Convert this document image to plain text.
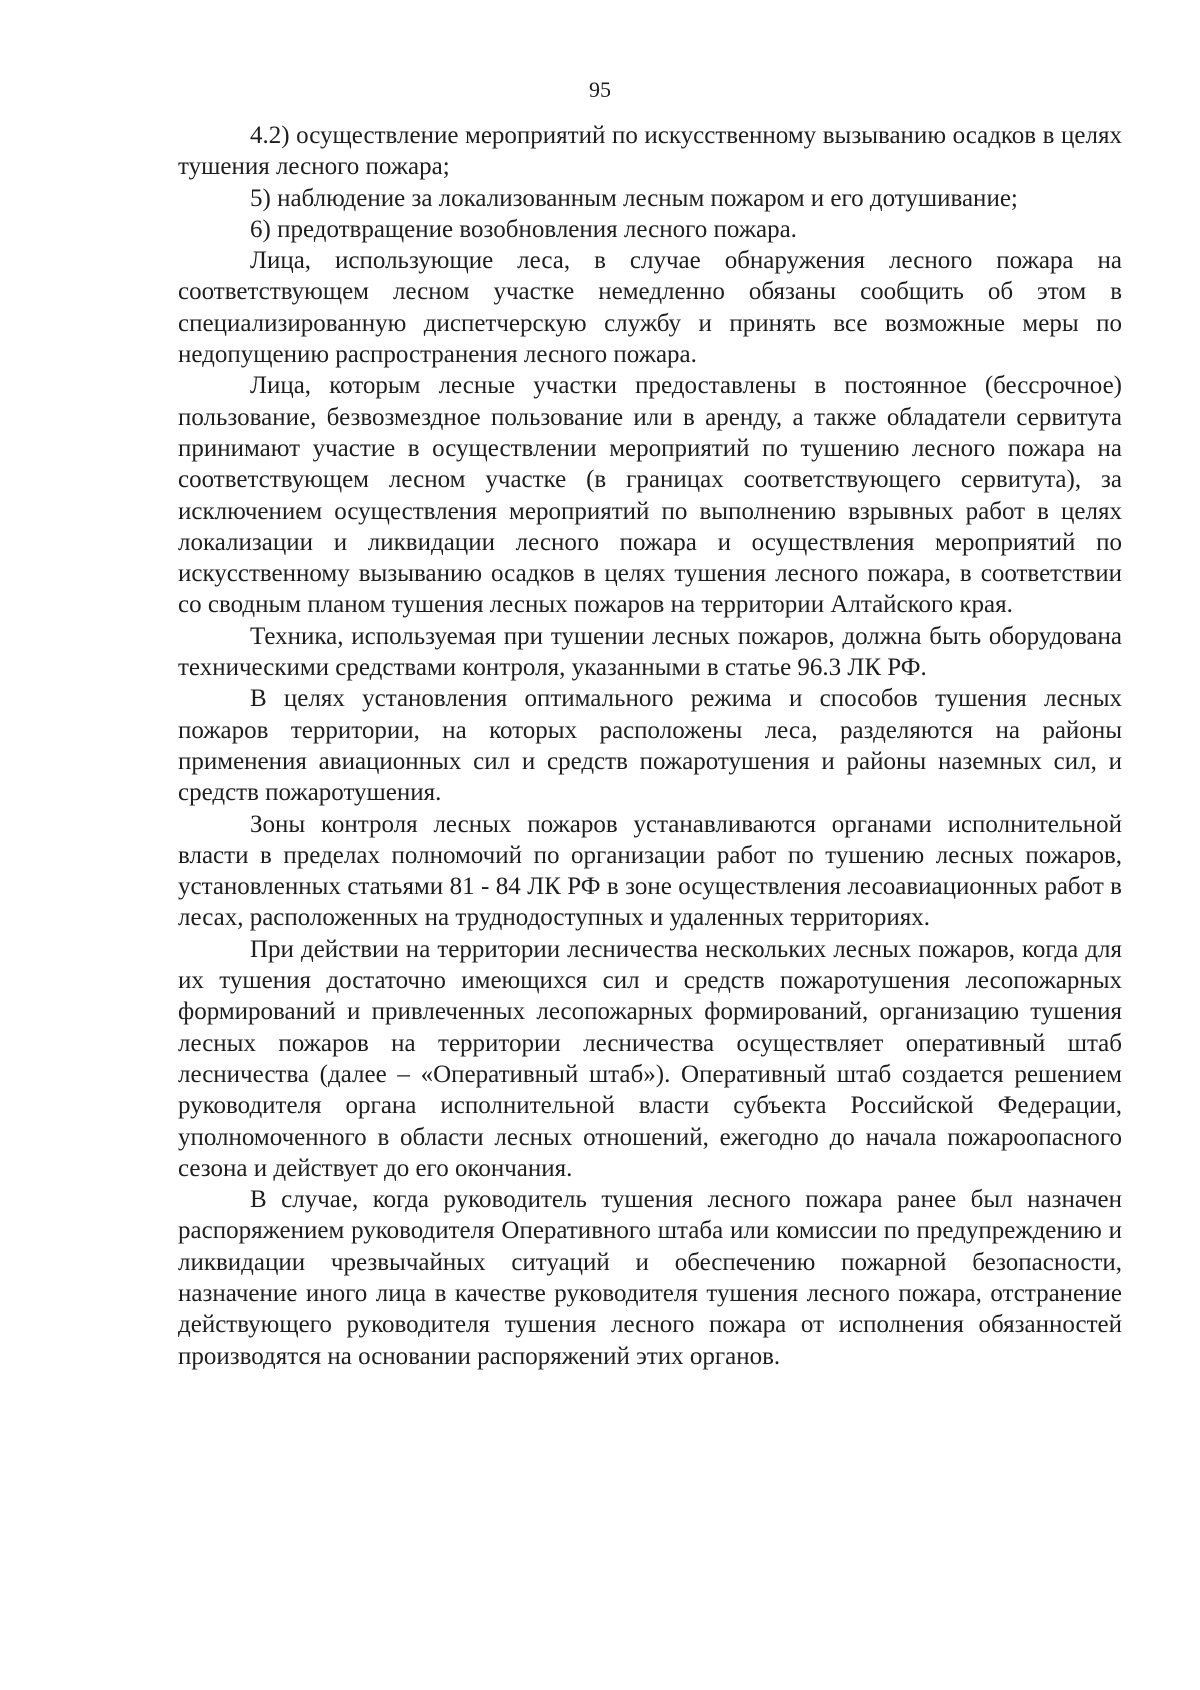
95

4.2) осуществление мероприятий по искусственному вызыванию осадков в целях тушения лесного пожара;

5) наблюдение за локализованным лесным пожаром и его дотушивание;

6) предотвращение возобновления лесного пожара.

Лица, использующие леса, в случае обнаружения лесного пожара на соответствующем лесном участке немедленно обязаны сообщить об этом в специализированную диспетчерскую службу и принять все возможные меры по недопущению распространения лесного пожара.

Лица, которым лесные участки предоставлены в постоянное (бессрочное) пользование, безвозмездное пользование или в аренду, а также обладатели сервитута принимают участие в осуществлении мероприятий по тушению лесного пожара на соответствующем лесном участке (в границах соответствующего сервитута), за исключением осуществления мероприятий по выполнению взрывных работ в целях локализации и ликвидации лесного пожара и осуществления мероприятий по искусственному вызыванию осадков в целях тушения лесного пожара, в соответствии со сводным планом тушения лесных пожаров на территории Алтайского края.

Техника, используемая при тушении лесных пожаров, должна быть оборудована техническими средствами контроля, указанными в статье 96.3 ЛК РФ.

В целях установления оптимального режима и способов тушения лесных пожаров территории, на которых расположены леса, разделяются на районы применения авиационных сил и средств пожаротушения и районы наземных сил, и средств пожаротушения.

Зоны контроля лесных пожаров устанавливаются органами исполнительной власти в пределах полномочий по организации работ по тушению лесных пожаров, установленных статьями 81 - 84 ЛК РФ в зоне осуществления лесоавиационных работ в лесах, расположенных на труднодоступных и удаленных территориях.

При действии на территории лесничества нескольких лесных пожаров, когда для их тушения достаточно имеющихся сил и средств пожаротушения лесопожарных формирований и привлеченных лесопожарных формирований, организацию тушения лесных пожаров на территории лесничества осуществляет оперативный штаб лесничества (далее – «Оперативный штаб»). Оперативный штаб создается решением руководителя органа исполнительной власти субъекта Российской Федерации, уполномоченного в области лесных отношений, ежегодно до начала пожароопасного сезона и действует до его окончания.

В случае, когда руководитель тушения лесного пожара ранее был назначен распоряжением руководителя Оперативного штаба или комиссии по предупреждению и ликвидации чрезвычайных ситуаций и обеспечению пожарной безопасности, назначение иного лица в качестве руководителя тушения лесного пожара, отстранение действующего руководителя тушения лесного пожара от исполнения обязанностей производятся на основании распоряжений этих органов.
